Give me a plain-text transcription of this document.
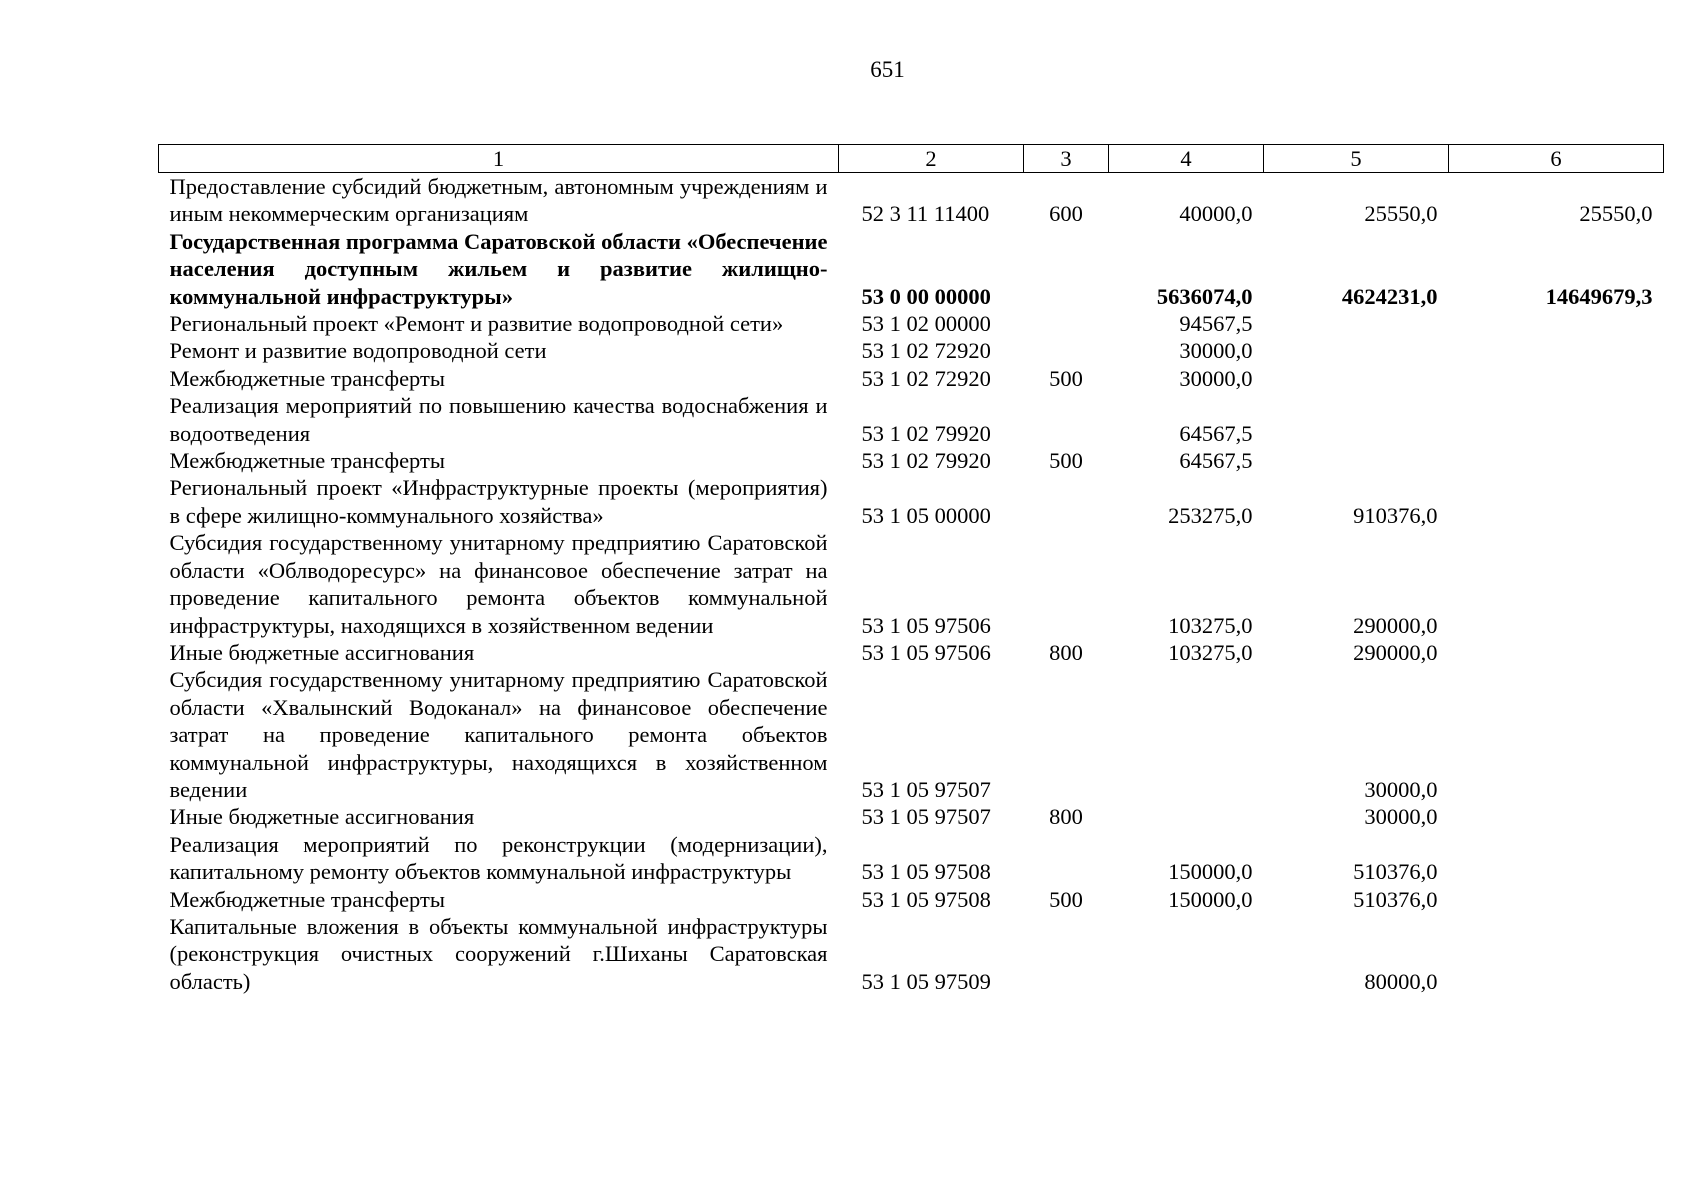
651
1	2	3	4	5	6
Предоставление субсидий бюджетным, автономным учреждениям и иным некоммерческим организациям	52 3 11 11400	600	40000,0	25550,0	25550,0
Государственная программа Саратовской области «Обеспечение населения доступным жильем и развитие жилищно-коммунальной инфраструктуры»	53 0 00 00000		5636074,0	4624231,0	14649679,3
Региональный проект «Ремонт и развитие водопроводной сети»	53 1 02 00000		94567,5		
Ремонт и развитие водопроводной сети	53 1 02 72920		30000,0		
Межбюджетные трансферты	53 1 02 72920	500	30000,0		
Реализация мероприятий по повышению качества водоснабжения и водоотведения	53 1 02 79920		64567,5		
Межбюджетные трансферты	53 1 02 79920	500	64567,5		
Региональный проект «Инфраструктурные проекты (мероприятия) в сфере жилищно-коммунального хозяйства»	53 1 05 00000		253275,0	910376,0	
Субсидия государственному унитарному предприятию Саратовской области «Облводоресурс» на финансовое обеспечение затрат на проведение капитального ремонта объектов коммунальной инфраструктуры, находящихся в хозяйственном ведении	53 1 05 97506		103275,0	290000,0	
Иные бюджетные ассигнования	53 1 05 97506	800	103275,0	290000,0	
Субсидия государственному унитарному предприятию Саратовской области «Хвалынский Водоканал» на финансовое обеспечение затрат на проведение капитального ремонта объектов коммунальной инфраструктуры, находящихся в хозяйственном ведении	53 1 05 97507			30000,0	
Иные бюджетные ассигнования	53 1 05 97507	800		30000,0	
Реализация мероприятий по реконструкции (модернизации), капитальному ремонту объектов коммунальной инфраструктуры	53 1 05 97508		150000,0	510376,0	
Межбюджетные трансферты	53 1 05 97508	500	150000,0	510376,0	
Капитальные вложения в объекты коммунальной инфраструктуры (реконструкция очистных сооружений г.Шиханы Саратовская область)	53 1 05 97509			80000,0	
